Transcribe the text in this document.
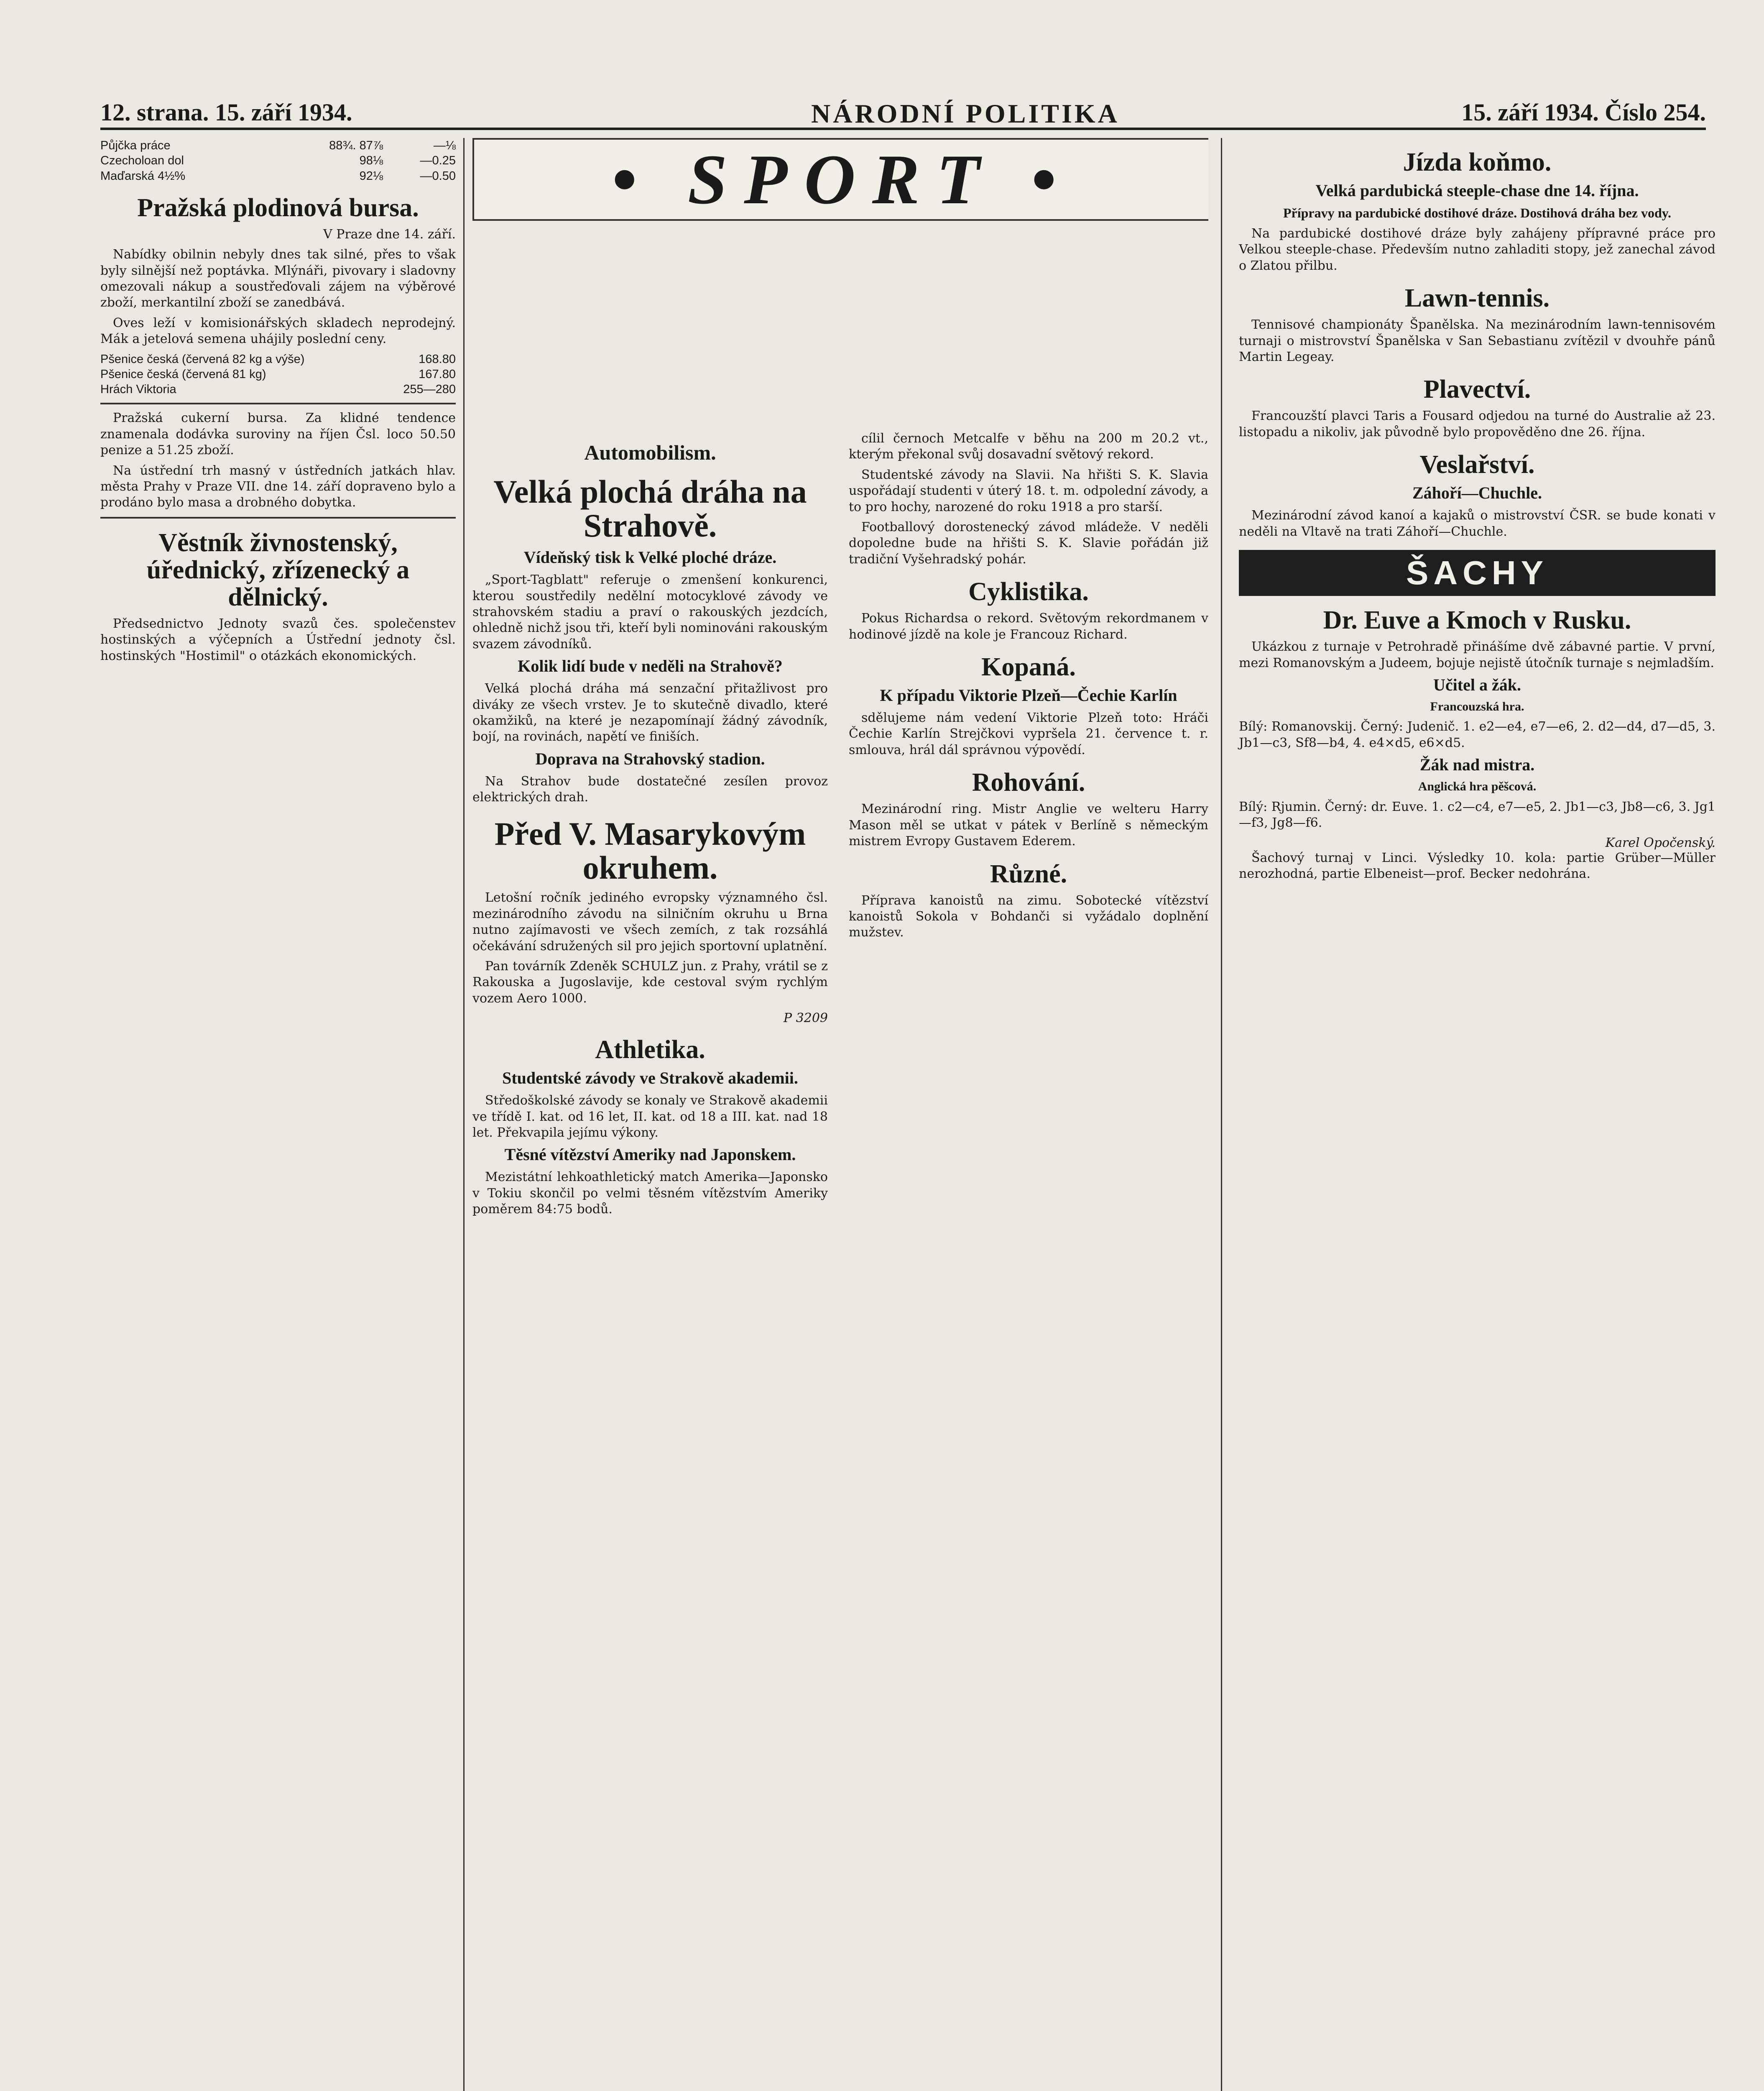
12. strana. 15. září 1934.	NÁRODNÍ POLITIKA	15. září 1934. Číslo 254.
Půjčka práce	88¾. 87⅞	—⅛
Czecholoan dol	98⅛	—0.25
Maďarská 4½%	92⅛	—0.50
Pražská plodinová bursa.

V Praze dne 14. září.

Nabídky obilnin nebyly dnes tak silné, přes to však byly silnější než poptávka. Mlýnáři, pivovary i sladovny omezovali nákup a soustřeďovali zájem na výběrové zboží, merkantilní zboží se zanedbává.

Oves leží v komisionářských skladech neprodejný. Mák a jetelová semena uhájily poslední ceny.

Pšenice česká (červená 82 kg a výše)	168.80
Pšenice česká (červená 81 kg)	167.80
Hrách Viktoria	255—280

Pražská cukerní bursa. Za klidné tendence znamenala dodávka suroviny na říjen Čsl. loco 50.50 penize a 51.25 zboží.

Na ústřední trh masný v ústředních jatkách hlav. města Prahy v Praze VII. dne 14. září dopraveno bylo a prodáno bylo masa a drobného dobytka.

Věstník živnostenský, úřednický, zřízenecký a dělnický.

Předsednictvo Jednoty svazů čes. společenstev hostinských a výčepních a Ústřední jednoty čsl. hostinských "Hostimil" o otázkách ekonomických.

• SPORT •
Automobilism.
Velká plochá dráha na Strahově.
Vídeňský tisk k Velké ploché dráze.

„Sport-Tagblatt" referuje o zmenšení konkurenci, kterou soustředily nedělní motocyklové závody ve strahovském stadiu a praví o rakouských jezdcích, ohledně nichž jsou tři, kteří byli nominováni rakouským svazem závodníků.

Kolik lidí bude v neděli na Strahově?

Velká plochá dráha má senzační přitažlivost pro diváky ze všech vrstev. Je to skutečně divadlo, které okamžiků, na které je nezapomínají žádný závodník, bojí, na rovinách, napětí ve finiších.

Doprava na Strahovský stadion.

Na Strahov bude dostatečné zesílen provoz elektrických drah.

Před V. Masarykovým okruhem.

Letošní ročník jediného evropsky významného čsl. mezinárodního závodu na silničním okruhu u Brna nutno zajímavosti ve všech zemích, z tak rozsáhlá očekávání sdružených sil pro jejich sportovní uplatnění.

Pan továrník Zdeněk SCHULZ jun. z Prahy, vrátil se z Rakouska a Jugoslavije, kde cestoval svým rychlým vozem Aero 1000.

P 3209
Athletika.
Studentské závody ve Strakově akademii.

Středoškolské závody se konaly ve Strakově akademii ve třídě I. kat. od 16 let, II. kat. od 18 a III. kat. nad 18 let. Překvapila jejímu výkony.

Těsné vítězství Ameriky nad Japonskem.

Mezistátní lehkoathletický match Amerika—Japonsko v Tokiu skončil po velmi těsném vítězstvím Ameriky poměrem 84:75 bodů.

cílil černoch Metcalfe v běhu na 200 m 20.2 vt., kterým překonal svůj dosavadní světový rekord.

Studentské závody na Slavii. Na hřišti S. K. Slavia uspořádají studenti v úterý 18. t. m. odpolední závody, a to pro hochy, narozené do roku 1918 a pro starší.

Footballový dorostenecký závod mládeže. V neděli dopoledne bude na hřišti S. K. Slavie pořádán již tradiční Vyšehradský pohár.

Cyklistika.

Pokus Richardsa o rekord. Světovým rekordmanem v hodinové jízdě na kole je Francouz Richard.

Kopaná.
K případu Viktorie Plzeň—Čechie Karlín

sdělujeme nám vedení Viktorie Plzeň toto: Hráči Čechie Karlín Strejčkovi vypršela 21. července t. r. smlouva, hrál dál správnou výpovědí.

Rohování.

Mezinárodní ring. Mistr Anglie ve welteru Harry Mason měl se utkat v pátek v Berlíně s německým mistrem Evropy Gustavem Ederem.

Různé.

Příprava kanoistů na zimu. Sobotecké vítězství kanoistů Sokola v Bohdanči si vyžádalo doplnění mužstev.

Jízda koňmo.
Velká pardubická steeple-chase dne 14. října.
Přípravy na pardubické dostihové dráze. Dostihová dráha bez vody.

Na pardubické dostihové dráze byly zahájeny přípravné práce pro Velkou steeple-chase. Především nutno zahladiti stopy, jež zanechal závod o Zlatou přilbu.

Lawn-tennis.

Tennisové championáty Španělska. Na mezinárodním lawn-tennisovém turnaji o mistrovství Španělska v San Sebastianu zvítězil v dvouhře pánů Martin Legeay.

Plavectví.

Francouzští plavci Taris a Fousard odjedou na turné do Australie až 23. listopadu a nikoliv, jak původně bylo propověděno dne 26. října.

Veslařství.
Záhoří—Chuchle.

Mezinárodní závod kanoí a kajaků o mistrovství ČSR. se bude konati v neděli na Vltavě na trati Záhoří—Chuchle.

ŠACHY
Dr. Euve a Kmoch v Rusku.

Ukázkou z turnaje v Petrohradě přinášíme dvě zábavné partie. V první, mezi Romanovským a Judeem, bojuje nejistě útočník turnaje s nejmladším.

Učitel a žák.
Francouzská hra.

Bílý: Romanovskij. Černý: Judenič. 1. e2—e4, e7—e6, 2. d2—d4, d7—d5, 3. Jb1—c3, Sf8—b4, 4. e4×d5, e6×d5.

Žák nad mistra.
Anglická hra pěšcová.

Bílý: Rjumin. Černý: dr. Euve. 1. c2—c4, e7—e5, 2. Jb1—c3, Jb8—c6, 3. Jg1—f3, Jg8—f6.

Karel Opočenský.

Šachový turnaj v Linci. Výsledky 10. kola: partie Grüber—Müller nerozhodná, partie Elbeneist—prof. Becker nedohrána.
